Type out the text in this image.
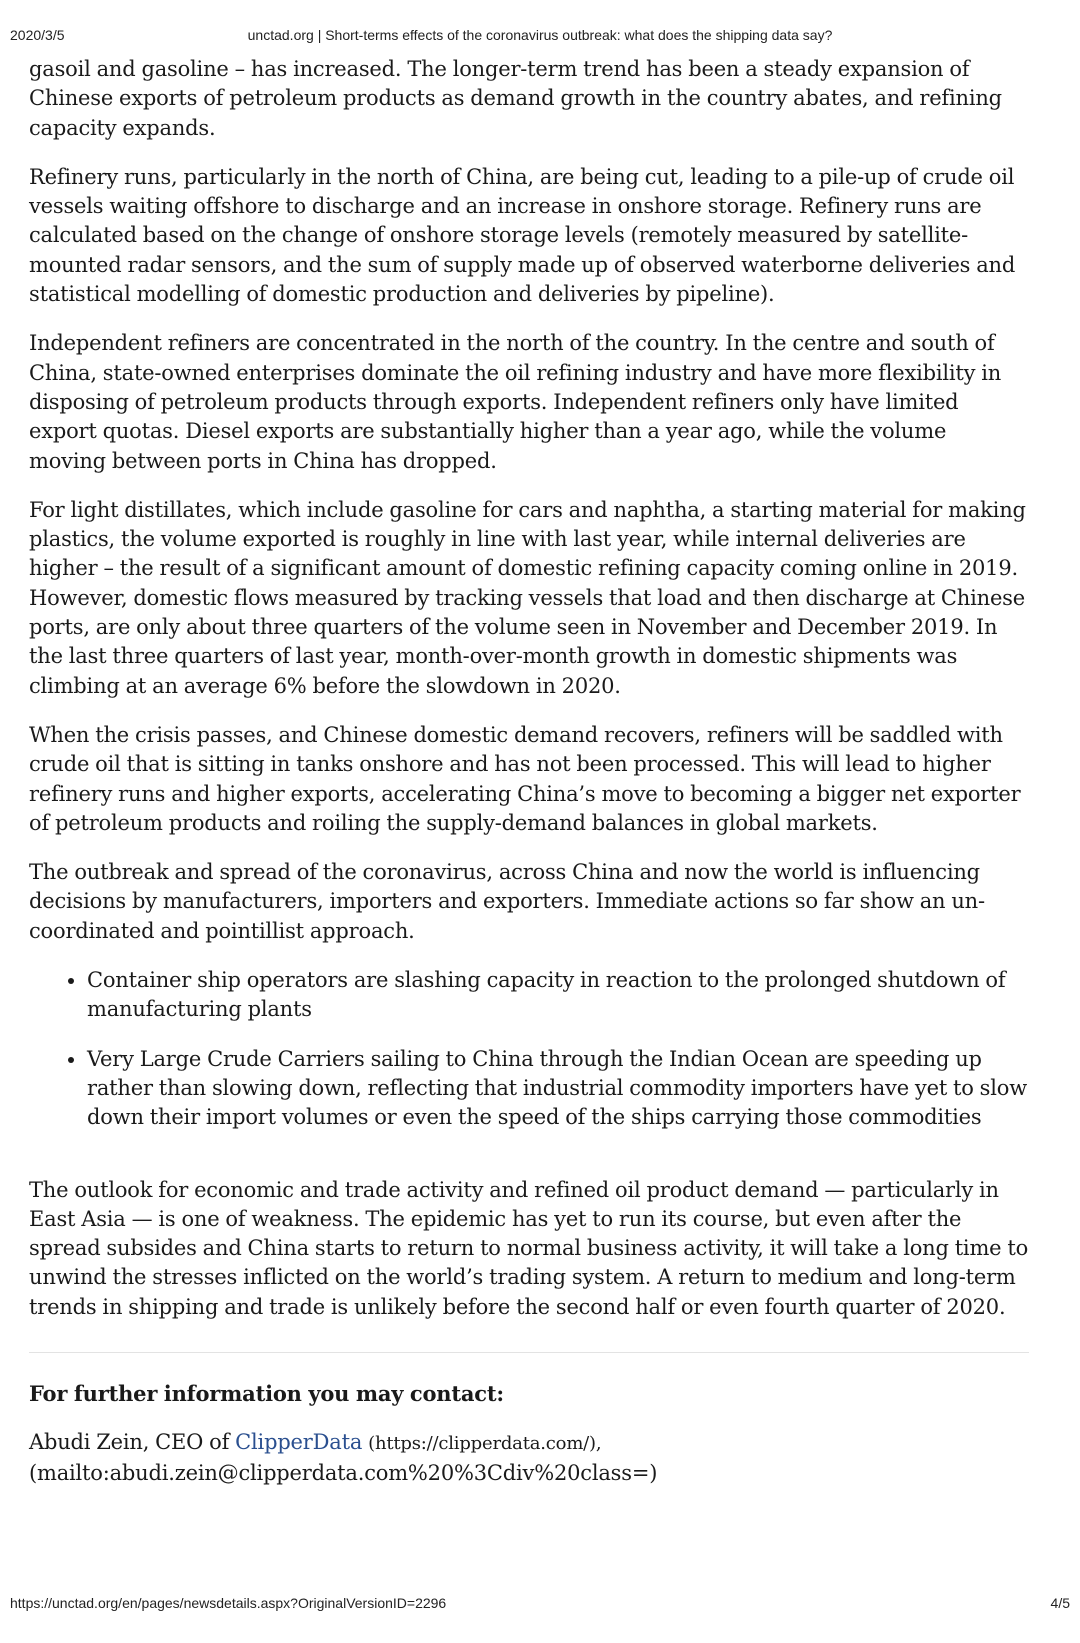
2020/3/5	unctad.org | Short-terms effects of the coronavirus outbreak: what does the shipping data say?

gasoil and gasoline – has increased. The longer-term trend has been a steady expansion of Chinese exports of petroleum products as demand growth in the country abates, and refining capacity expands.

Refinery runs, particularly in the north of China, are being cut, leading to a pile-up of crude oil vessels waiting offshore to discharge and an increase in onshore storage. Refinery runs are calculated based on the change of onshore storage levels (remotely measured by satellite-mounted radar sensors, and the sum of supply made up of observed waterborne deliveries and statistical modelling of domestic production and deliveries by pipeline).

Independent refiners are concentrated in the north of the country. In the centre and south of China, state-owned enterprises dominate the oil refining industry and have more flexibility in disposing of petroleum products through exports. Independent refiners only have limited export quotas. Diesel exports are substantially higher than a year ago, while the volume moving between ports in China has dropped.

For light distillates, which include gasoline for cars and naphtha, a starting material for making plastics, the volume exported is roughly in line with last year, while internal deliveries are higher – the result of a significant amount of domestic refining capacity coming online in 2019. However, domestic flows measured by tracking vessels that load and then discharge at Chinese ports, are only about three quarters of the volume seen in November and December 2019. In the last three quarters of last year, month-over-month growth in domestic shipments was climbing at an average 6% before the slowdown in 2020.

When the crisis passes, and Chinese domestic demand recovers, refiners will be saddled with crude oil that is sitting in tanks onshore and has not been processed. This will lead to higher refinery runs and higher exports, accelerating China’s move to becoming a bigger net exporter of petroleum products and roiling the supply-demand balances in global markets.

The outbreak and spread of the coronavirus, across China and now the world is influencing decisions by manufacturers, importers and exporters. Immediate actions so far show an un-coordinated and pointillist approach.

• Container ship operators are slashing capacity in reaction to the prolonged shutdown of manufacturing plants
• Very Large Crude Carriers sailing to China through the Indian Ocean are speeding up rather than slowing down, reflecting that industrial commodity importers have yet to slow down their import volumes or even the speed of the ships carrying those commodities

The outlook for economic and trade activity and refined oil product demand — particularly in East Asia — is one of weakness. The epidemic has yet to run its course, but even after the spread subsides and China starts to return to normal business activity, it will take a long time to unwind the stresses inflicted on the world’s trading system. A return to medium and long-term trends in shipping and trade is unlikely before the second half or even fourth quarter of 2020.

For further information you may contact:

Abudi Zein, CEO of ClipperData (https://clipperdata.com/),
(mailto:abudi.zein@clipperdata.com%20%3Cdiv%20class=)
https://unctad.org/en/pages/newsdetails.aspx?OriginalVersionID=2296	4/5
